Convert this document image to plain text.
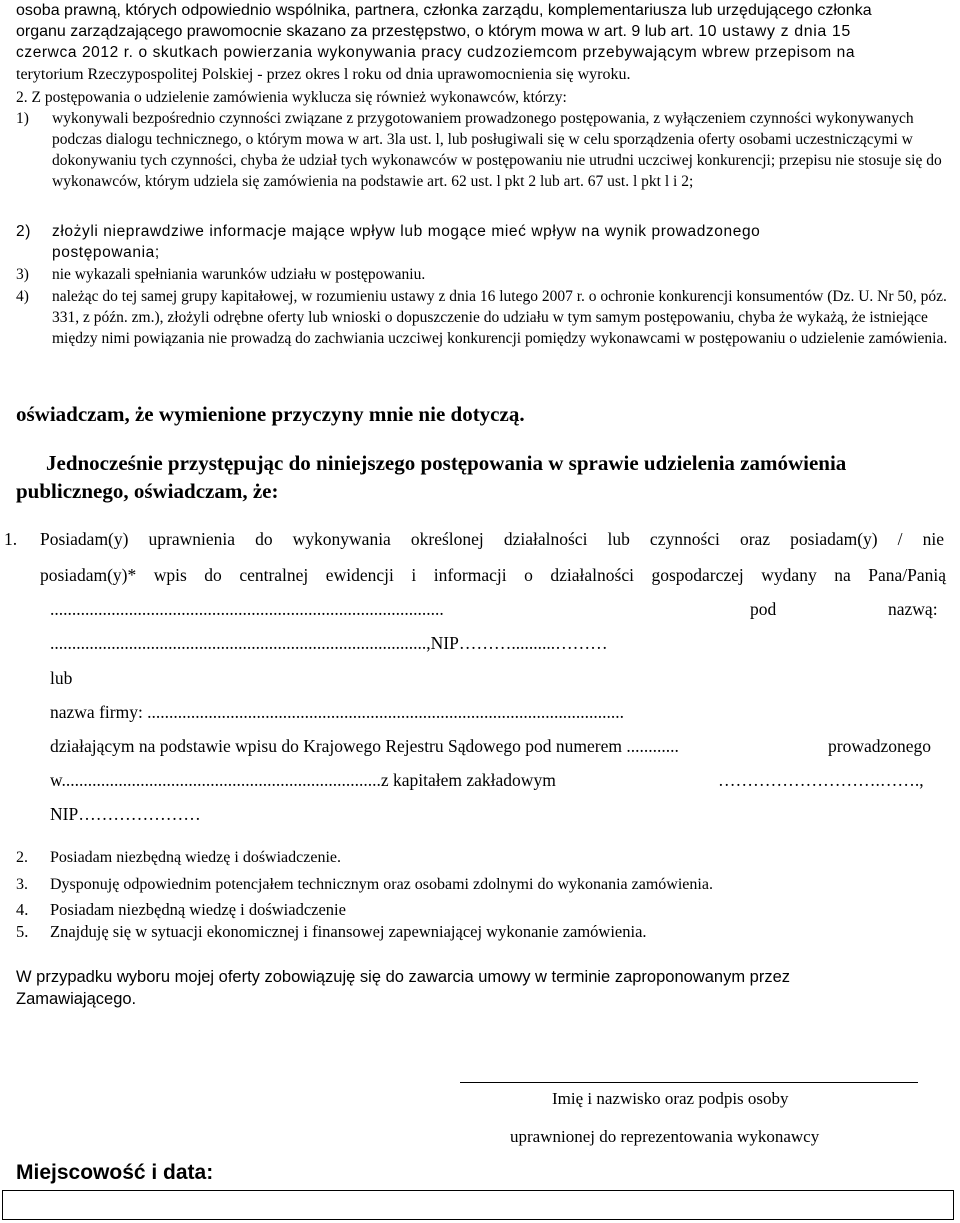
osoba prawną, których odpowiednio wspólnika, partnera, członka zarządu, komplementariusza lub urzędującego członka
organu zarządzającego prawomocnie skazano za przestępstwo, o którym mowa w art. 9 lub art. 10 ustawy z dnia 15
czerwca 2012 r. o skutkach powierzania wykonywania pracy cudzoziemcom przebywającym wbrew przepisom na
terytorium Rzeczypospolitej Polskiej - przez okres l roku od dnia uprawomocnienia się wyroku.
2. Z postępowania o udzielenie zamówienia wyklucza się również wykonawców, którzy:
1) wykonywali bezpośrednio czynności związane z przygotowaniem prowadzonego postępowania, z wyłączeniem czynności wykonywanych podczas dialogu technicznego, o którym mowa w art. 3la ust. l, lub posługiwali się w celu sporządzenia oferty osobami uczestniczącymi w dokonywaniu tych czynności, chyba że udział tych wykonawców w postępowaniu nie utrudni uczciwej konkurencji; przepisu nie stosuje się do wykonawców, którym udziela się zamówienia na podstawie art. 62 ust. l pkt 2 lub art. 67 ust. l pkt l i 2;
2) złożyli nieprawdziwe informacje mające wpływ lub mogące mieć wpływ na wynik prowadzonego postępowania;
3) nie wykazali spełniania warunków udziału w postępowaniu.
4) należąc do tej samej grupy kapitałowej, w rozumieniu ustawy z dnia 16 lutego 2007 r. o ochronie konkurencji konsumentów (Dz. U. Nr 50, póz. 331, z późn. zm.), złożyli odrębne oferty lub wnioski o dopuszczenie do udziału w tym samym postępowaniu, chyba że wykażą, że istniejące między nimi powiązania nie prowadzą do zachwiania uczciwej konkurencji pomiędzy wykonawcami w postępowaniu o udzielenie zamówienia.
oświadczam, że wymienione przyczyny mnie nie dotyczą.
Jednocześnie przystępując do niniejszego postępowania w sprawie udzielenia zamówienia
publicznego, oświadczam, że:
1. Posiadam(y) uprawnienia do wykonywania określonej działalności lub czynności oraz posiadam(y) / nie
posiadam(y)* wpis do centralnej ewidencji i informacji o działalności gospodarczej wydany na Pana/Panią
..........................................................................................	pod	nazwą:
......................................................................................,NIP………..........………
lub
nazwa firmy: .............................................................................................................
działającym na podstawie wpisu do Krajowego Rejestru Sądowego pod numerem ............	prowadzonego
w.........................................................................z kapitałem zakładowym	……………………….…….,
NIP…………………
2. Posiadam niezbędną wiedzę i doświadczenie.
3. Dysponuję odpowiednim potencjałem technicznym oraz osobami zdolnymi do wykonania zamówienia.
4. Posiadam niezbędną wiedzę i doświadczenie
5. Znajduję się w sytuacji ekonomicznej i finansowej zapewniającej wykonanie zamówienia.
W przypadku wyboru mojej oferty zobowiązuję się do zawarcia umowy w terminie zaproponowanym przez
Zamawiającego.
Imię i nazwisko oraz podpis osoby
uprawnionej do reprezentowania wykonawcy
Miejscowość i data:
